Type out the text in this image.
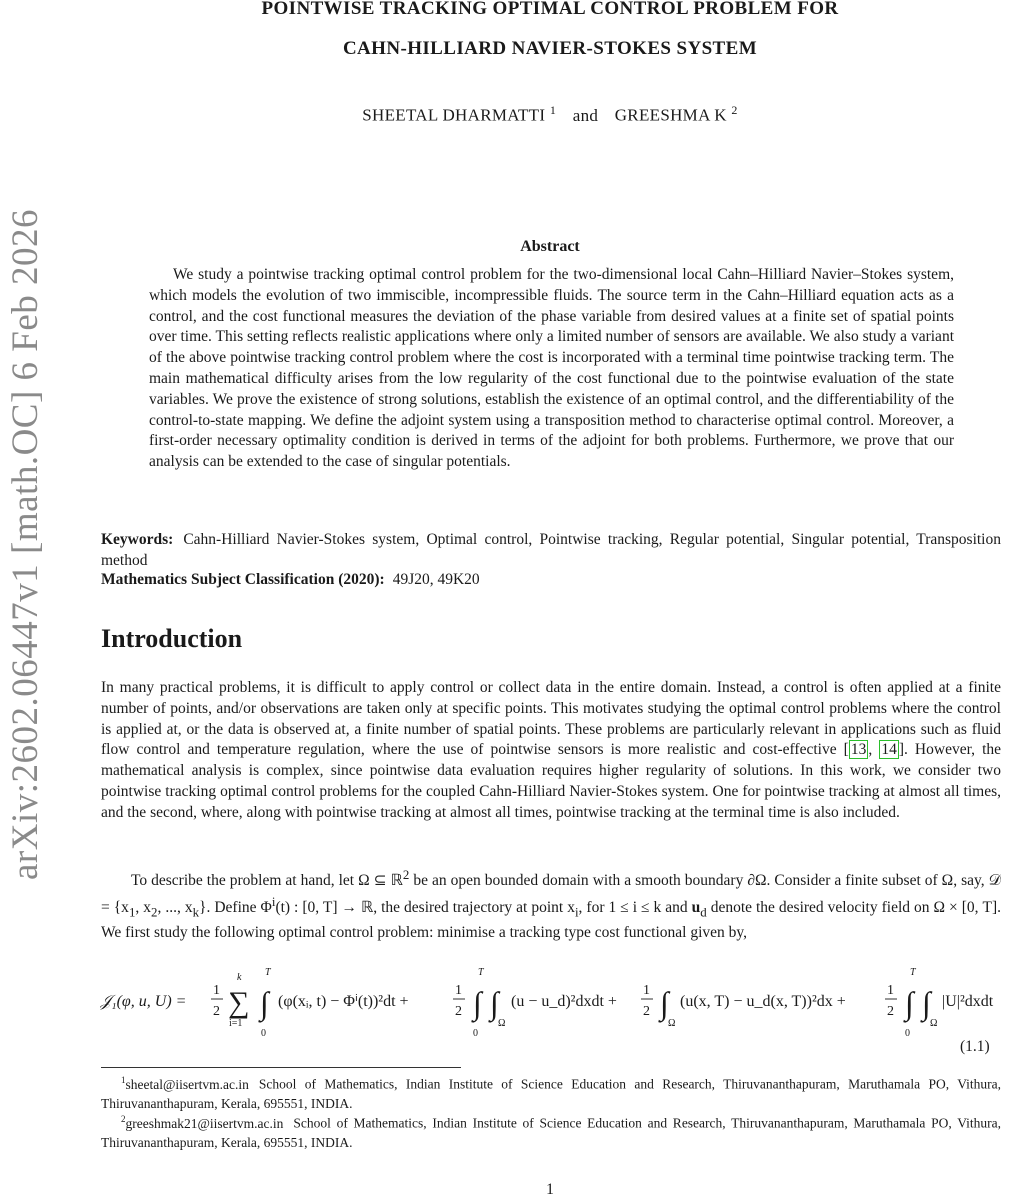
arXiv:2602.06447v1 [math.OC] 6 Feb 2026
POINTWISE TRACKING OPTIMAL CONTROL PROBLEM FOR
CAHN-HILLIARD NAVIER-STOKES SYSTEM
SHEETAL DHARMATTI $^1$ and GREESHMA K $^2$
Abstract

We study a pointwise tracking optimal control problem for the two-dimensional local Cahn–Hilliard Navier–Stokes system, which models the evolution of two immiscible, incompressible fluids. The source term in the Cahn–Hilliard equation acts as a control, and the cost functional measures the deviation of the phase variable from desired values at a finite set of spatial points over time. This setting reflects realistic applications where only a limited number of sensors are available. We also study a variant of the above pointwise tracking control problem where the cost is incorporated with a terminal time pointwise tracking term. The main mathematical difficulty arises from the low regularity of the cost functional due to the pointwise evaluation of the state variables. We prove the existence of strong solutions, establish the existence of an optimal control, and the differentiability of the control-to-state mapping. We define the adjoint system using a transposition method to characterise optimal control. Moreover, a first-order necessary optimality condition is derived in terms of the adjoint for both problems. Furthermore, we prove that our analysis can be extended to the case of singular potentials.

Keywords: Cahn-Hilliard Navier-Stokes system, Optimal control, Pointwise tracking, Regular potential, Singular potential, Transposition method

Mathematics Subject Classification (2020): 49J20, 49K20

Introduction

In many practical problems, it is difficult to apply control or collect data in the entire domain. Instead, a control is often applied at a finite number of points, and/or observations are taken only at specific points. This motivates studying the optimal control problems where the control is applied at, or the data is observed at, a finite number of spatial points. These problems are particularly relevant in applications such as fluid flow control and temperature regulation, where the use of pointwise sensors is more realistic and cost-effective [ 13 , 14 ]. However, the mathematical analysis is complex, since pointwise data evaluation requires higher regularity of solutions. In this work, we consider two pointwise tracking optimal control problems for the coupled Cahn-Hilliard Navier-Stokes system. One for pointwise tracking at almost all times, and the second, where, along with pointwise tracking at almost all times, pointwise tracking at the terminal time is also included.

To describe the problem at hand, let Ω ⊆ ℝ$^2$ be an open bounded domain with a smooth boundary ∂Ω. Consider a finite subset of Ω, say, 𝒟 = {$x_1$, $x_2$, ..., $x_k$}. Define $\Phi^i(t)$ : [0, T] → ℝ, the desired trajectory at point $x_i$, for 1 ≤ i ≤ k and $u_d$ denote the desired velocity field on Ω × [0, T]. We first study the following optimal control problem: minimise a tracking type cost functional given by,

𝒥₁(φ, u, U) =
1
2
k
∑
i=1
T
∫
0
(φ(xᵢ, t) − Φⁱ(t))²dt +
1
2
T
∫
0
∫
Ω
(u − u_d)²dxdt +
1
2 ∫
Ω
(u(x, T) − u_d(x, T))²dx +
1
2
T
∫
0
∫
Ω
|U|²dxdt
(1.1)

$^1$sheetal@iisertvm.ac.in School of Mathematics, Indian Institute of Science Education and Research, Thiruvananthapuram, Maruthamala PO, Vithura, Thiruvananthapuram, Kerala, 695551, INDIA.

$^2$greeshmak21@iisertvm.ac.in School of Mathematics, Indian Institute of Science Education and Research, Thiruvananthapuram, Maruthamala PO, Vithura, Thiruvananthapuram, Kerala, 695551, INDIA.

1
